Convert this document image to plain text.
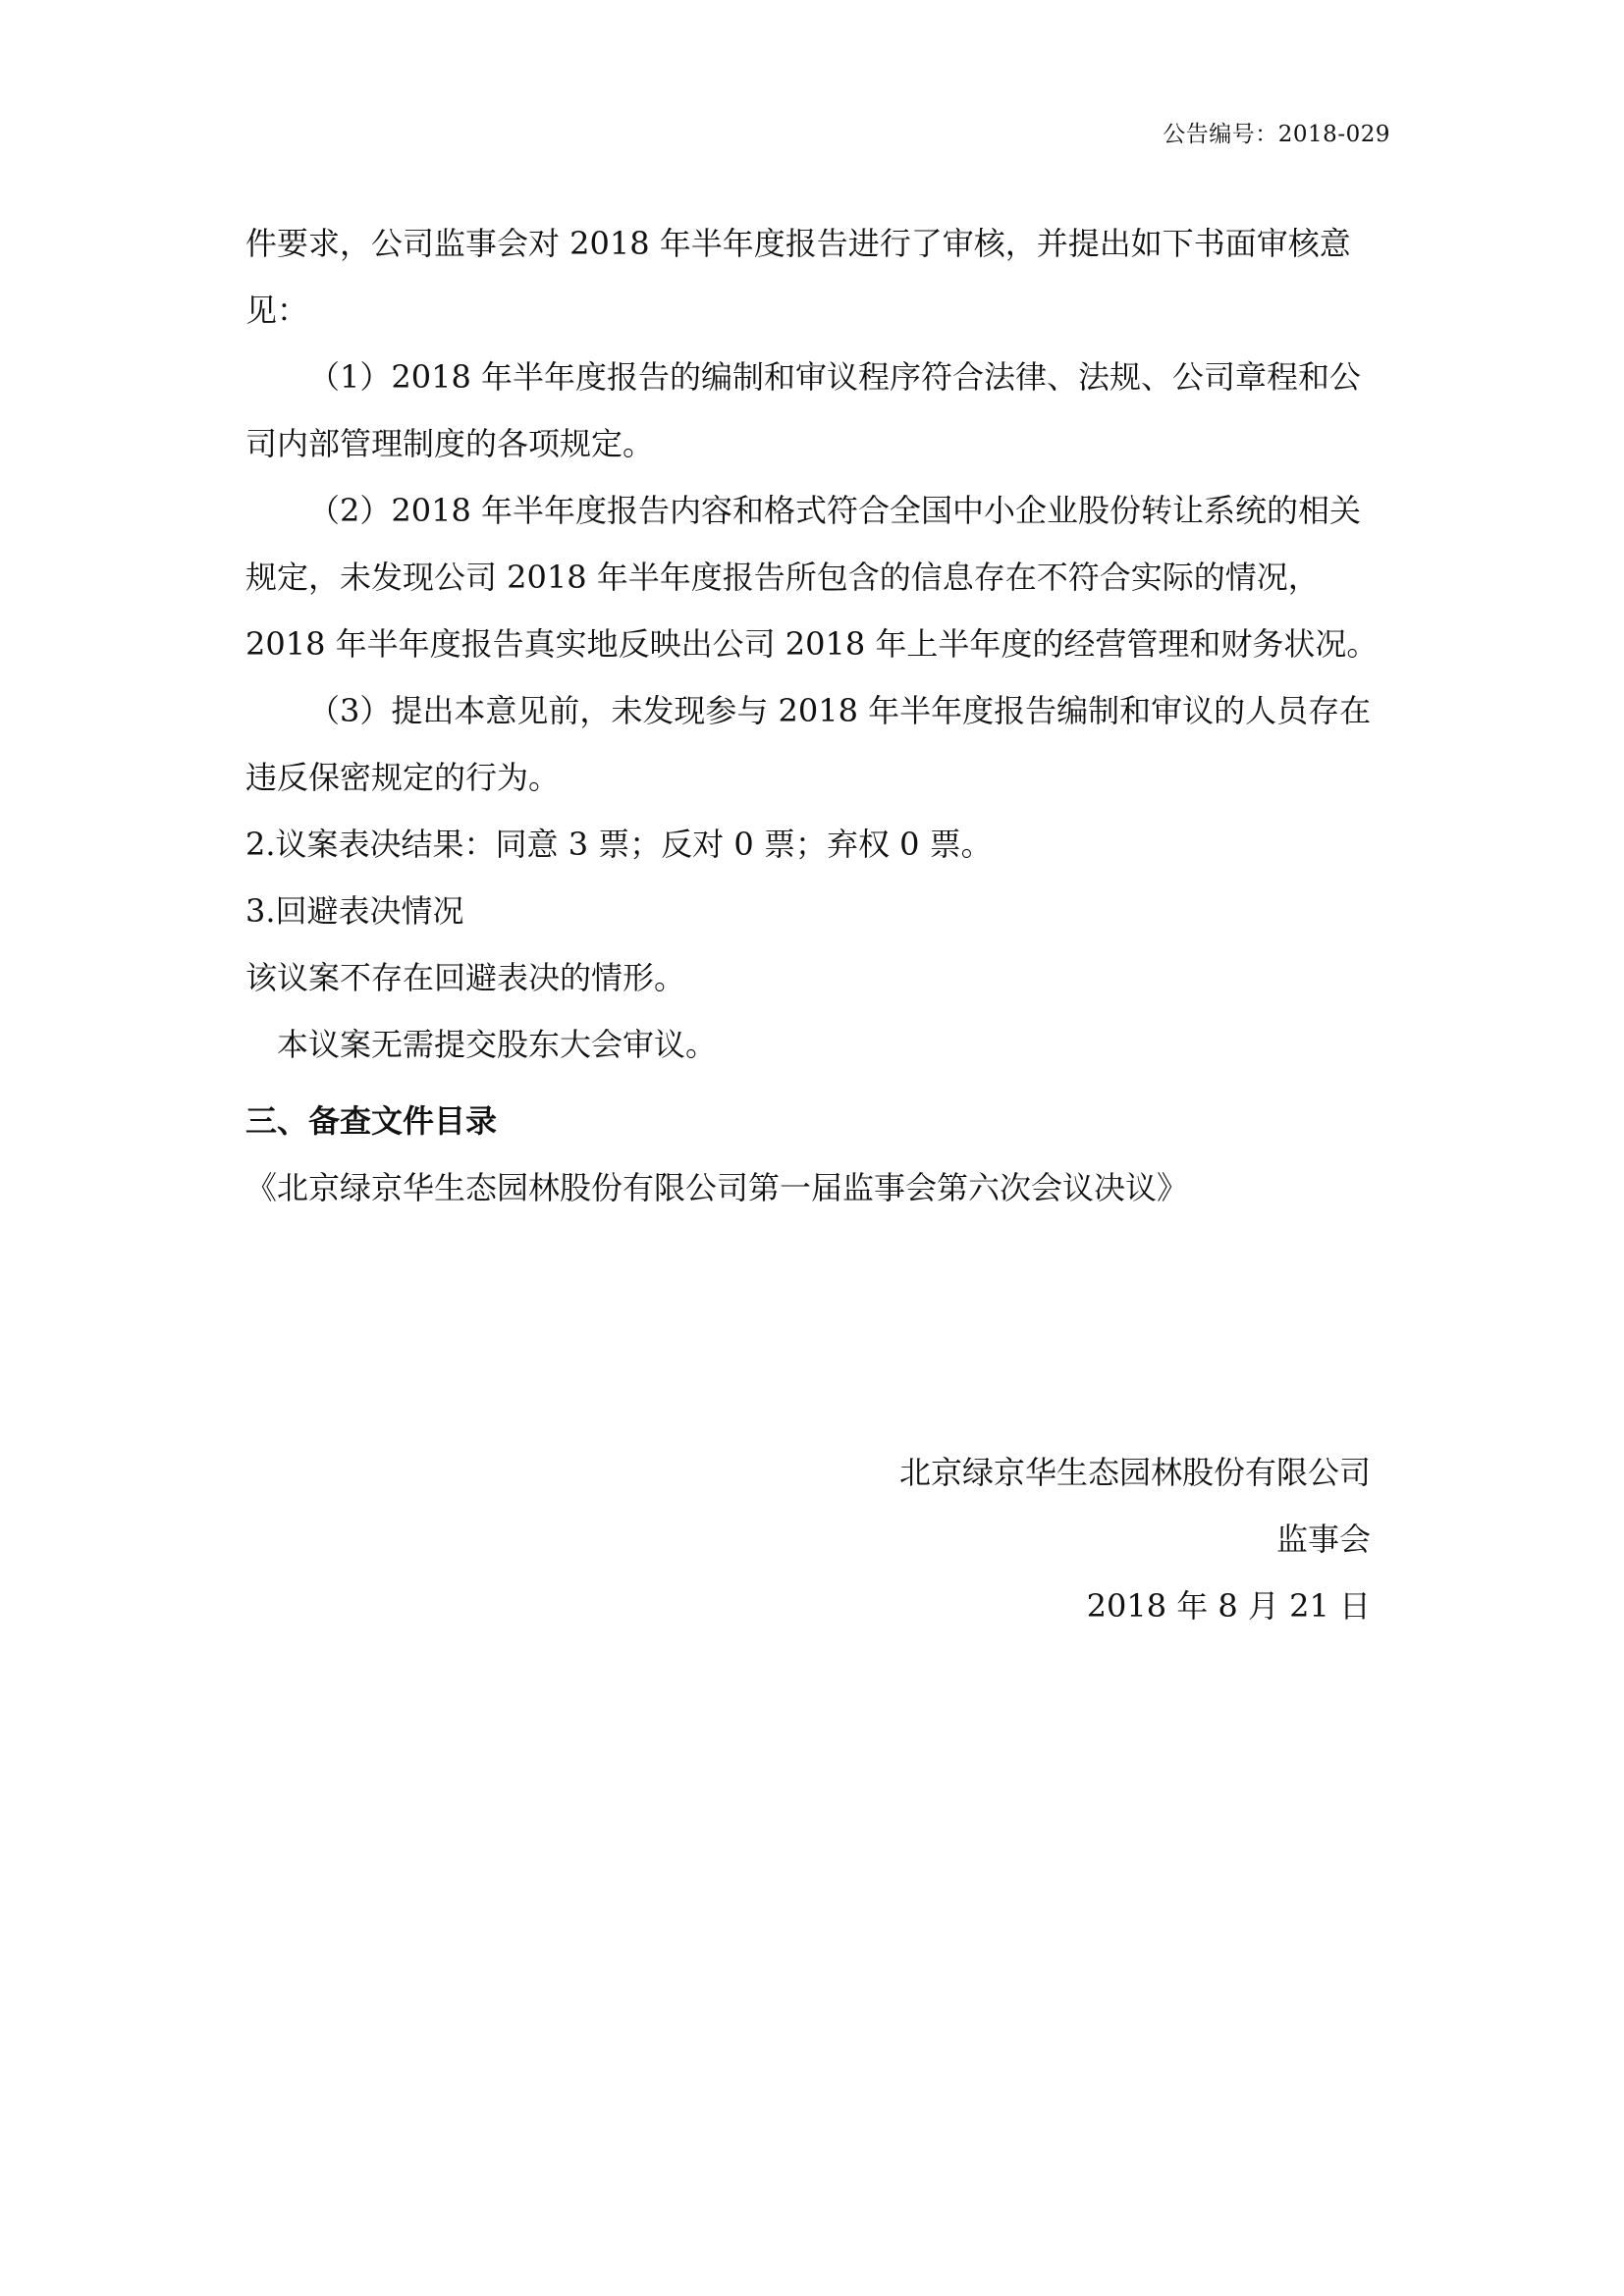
公告编号：2018-029

件要求，公司监事会对 2018 年半年度报告进行了审核，并提出如下书面审核意见：

（1）2018 年半年度报告的编制和审议程序符合法律、法规、公司章程和公司内部管理制度的各项规定。

（2）2018 年半年度报告内容和格式符合全国中小企业股份转让系统的相关规定，未发现公司 2018 年半年度报告所包含的信息存在不符合实际的情况，2018 年半年度报告真实地反映出公司 2018 年上半年度的经营管理和财务状况。

（3）提出本意见前，未发现参与 2018 年半年度报告编制和审议的人员存在违反保密规定的行为。

2.议案表决结果：同意 3 票；反对 0 票；弃权 0 票。

3.回避表决情况

该议案不存在回避表决的情形。

本议案无需提交股东大会审议。

三、备查文件目录

《北京绿京华生态园林股份有限公司第一届监事会第六次会议决议》

北京绿京华生态园林股份有限公司
监事会
2018 年 8 月 21 日
